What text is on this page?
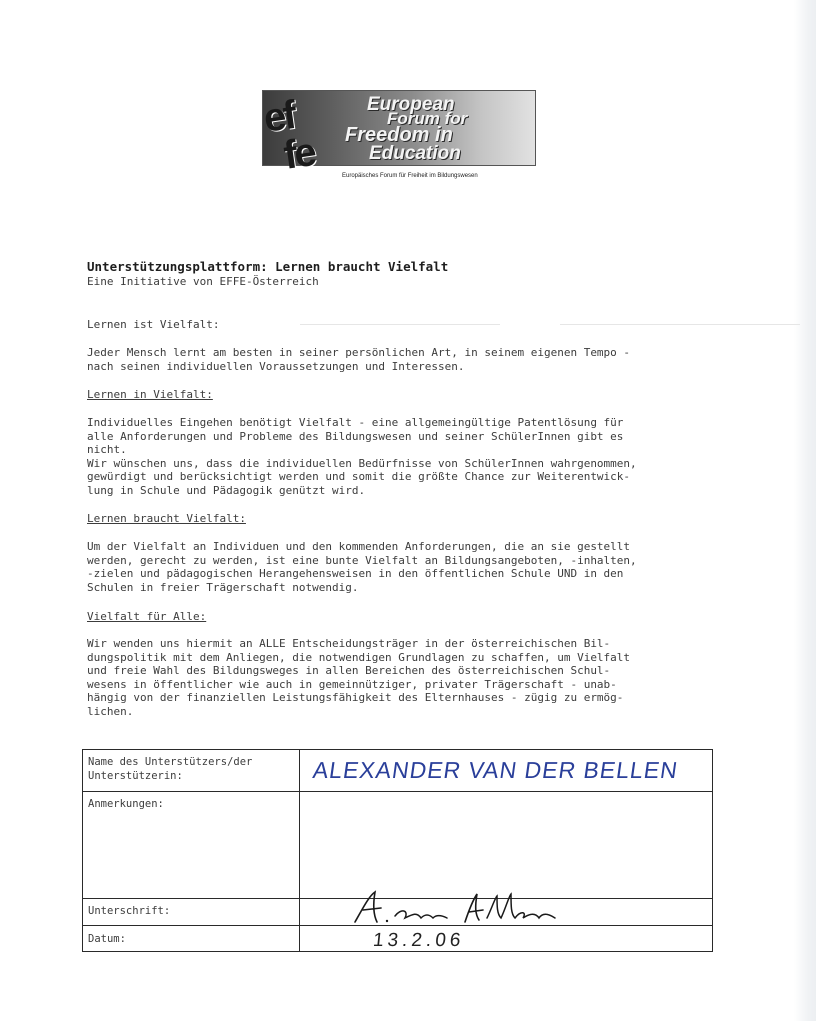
European
Forum for
Freedom in
Education
ef
fe	Europäisches Forum für Freiheit im Bildungswesen
Unterstützungsplattform: Lernen braucht Vielfalt
Eine Initiative von EFFE-Österreich
Lernen ist Vielfalt:
Jeder Mensch lernt am besten in seiner persönlichen Art, in seinem eigenen Tempo -
nach seinen individuellen Voraussetzungen und Interessen.
Lernen in Vielfalt:
Individuelles Eingehen benötigt Vielfalt - eine allgemeingültige Patentlösung für
alle Anforderungen und Probleme des Bildungswesen und seiner SchülerInnen gibt es
nicht.
Wir wünschen uns, dass die individuellen Bedürfnisse von SchülerInnen wahrgenommen,
gewürdigt und berücksichtigt werden und somit die größte Chance zur Weiterentwick-
lung in Schule und Pädagogik genützt wird.
Lernen braucht Vielfalt:
Um der Vielfalt an Individuen und den kommenden Anforderungen, die an sie gestellt
werden, gerecht zu werden, ist eine bunte Vielfalt an Bildungsangeboten, -inhalten,
-zielen und pädagogischen Herangehensweisen in den öffentlichen Schule UND in den
Schulen in freier Trägerschaft notwendig.
Vielfalt für Alle:
Wir wenden uns hiermit an ALLE Entscheidungsträger in der österreichischen Bil-
dungspolitik mit dem Anliegen, die notwendigen Grundlagen zu schaffen, um Vielfalt
und freie Wahl des Bildungsweges in allen Bereichen des österreichischen Schul-
wesens in öffentlicher wie auch in gemeinnütziger, privater Trägerschaft - unab-
hängig von der finanziellen Leistungsfähigkeit des Elternhauses - zügig zu ermög-
lichen.
Name des Unterstützers/der
Unterstützerin:	ALEXANDER VAN DER BELLEN
Anmerkungen:
Unterschrift:
Datum:	13.2.06
